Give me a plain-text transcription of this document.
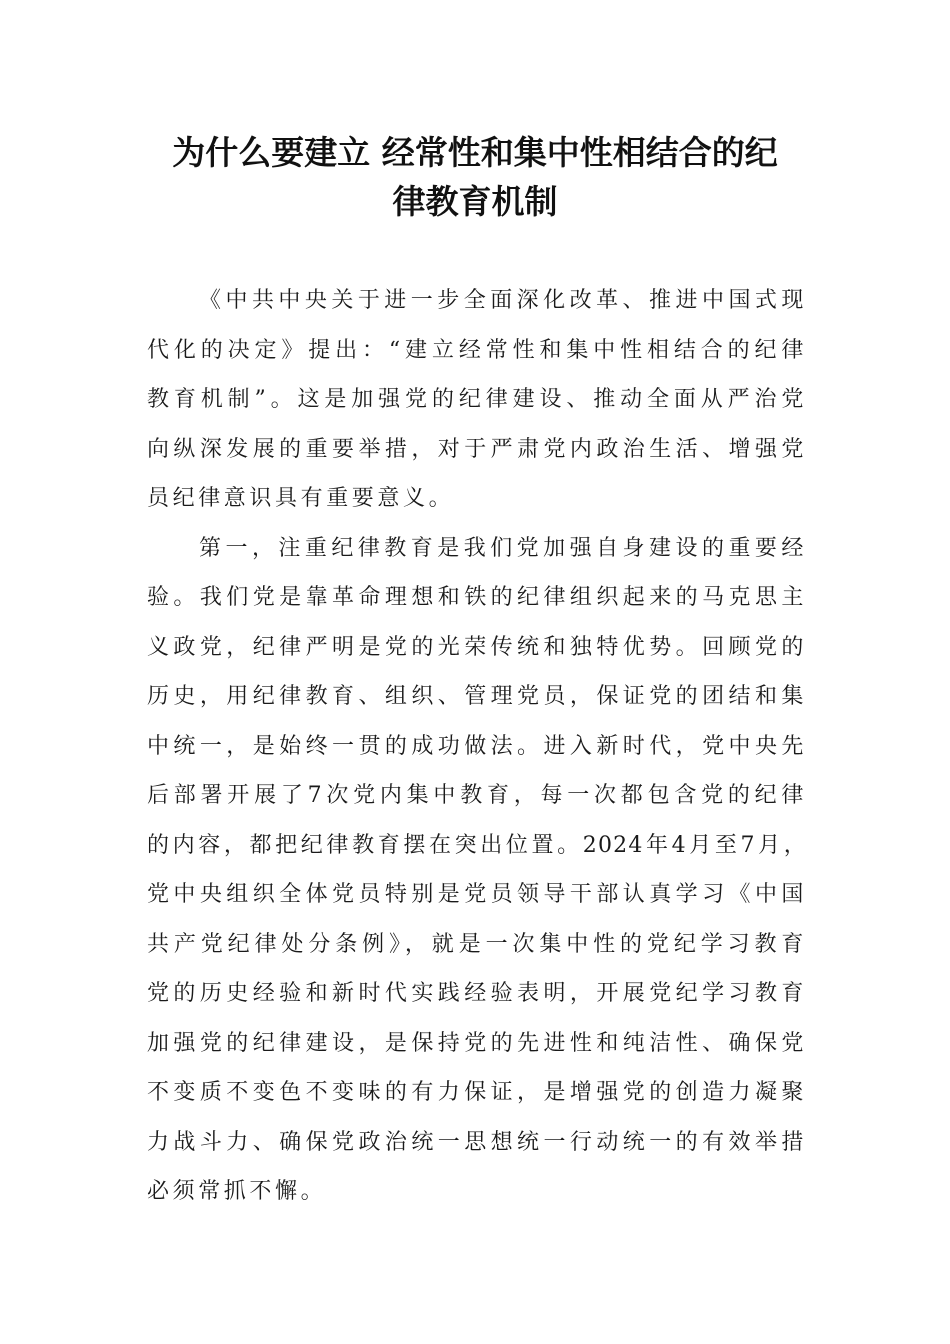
为什么要建立 经常性和集中性相结合的纪
律教育机制
《中共中央关于进一步全面深化改革、推进中国式现
代化的决定》提出：“建立经常性和集中性相结合的纪律
教育机制”。这是加强党的纪律建设、推动全面从严治党
向纵深发展的重要举措，对于严肃党内政治生活、增强党
员纪律意识具有重要意义。
第一，注重纪律教育是我们党加强自身建设的重要经
验。我们党是靠革命理想和铁的纪律组织起来的马克思主
义政党，纪律严明是党的光荣传统和独特优势。回顾党的
历史，用纪律教育、组织、管理党员，保证党的团结和集
中统一，是始终一贯的成功做法。进入新时代，党中央先
后部署开展了7次党内集中教育，每一次都包含党的纪律
的内容，都把纪律教育摆在突出位置。2024年4月至7月，
党中央组织全体党员特别是党员领导干部认真学习《中国
共产党纪律处分条例》，就是一次集中性的党纪学习教育
党的历史经验和新时代实践经验表明，开展党纪学习教育
加强党的纪律建设，是保持党的先进性和纯洁性、确保党
不变质不变色不变味的有力保证，是增强党的创造力凝聚
力战斗力、确保党政治统一思想统一行动统一的有效举措
必须常抓不懈。
